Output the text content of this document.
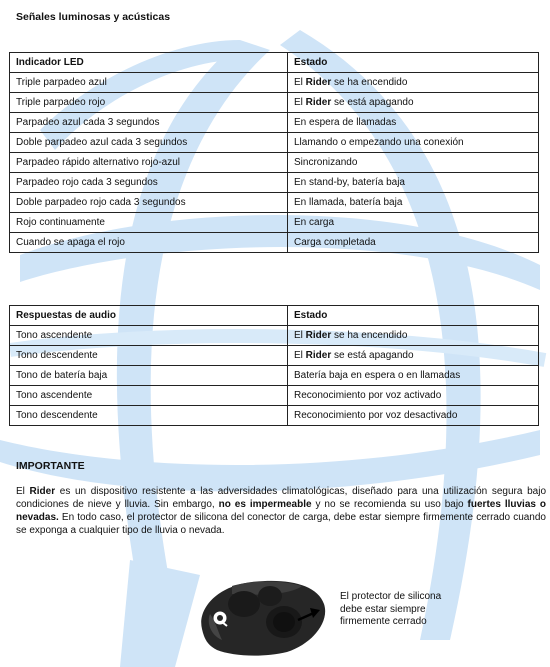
Señales luminosas y acústicas
Indicador LED	Estado
Triple parpadeo azul	El Rider se ha encendido
Triple parpadeo rojo	El Rider se está apagando
Parpadeo azul cada 3 segundos	En espera de llamadas
Doble parpadeo azul cada 3 segundos	Llamando o empezando una conexión
Parpadeo rápido alternativo rojo-azul	Sincronizando
Parpadeo rojo cada 3 segundos	En stand-by, batería baja
Doble parpadeo rojo cada 3 segundos	En llamada, batería baja
Rojo continuamente	En carga
Cuando se apaga el rojo	Carga completada
Respuestas de audio	Estado
Tono ascendente	El Rider se ha encendido
Tono descendente	El Rider se está apagando
Tono de batería baja	Batería baja en espera o en llamadas
Tono ascendente	Reconocimiento por voz activado
Tono descendente	Reconocimiento por voz desactivado
IMPORTANTE
El Rider es un dispositivo resistente a las adversidades climatológicas, diseñado para una utilización segura bajo condiciones de nieve y lluvia. Sin embargo, no es impermeable y no se recomienda su uso bajo fuertes lluvias o nevadas. En todo caso, el protector de silicona del conector de carga, debe estar siempre firmemente cerrado cuando se exponga a cualquier tipo de lluvia o nevada.
El protector de silicona
debe estar siempre
firmemente cerrado
